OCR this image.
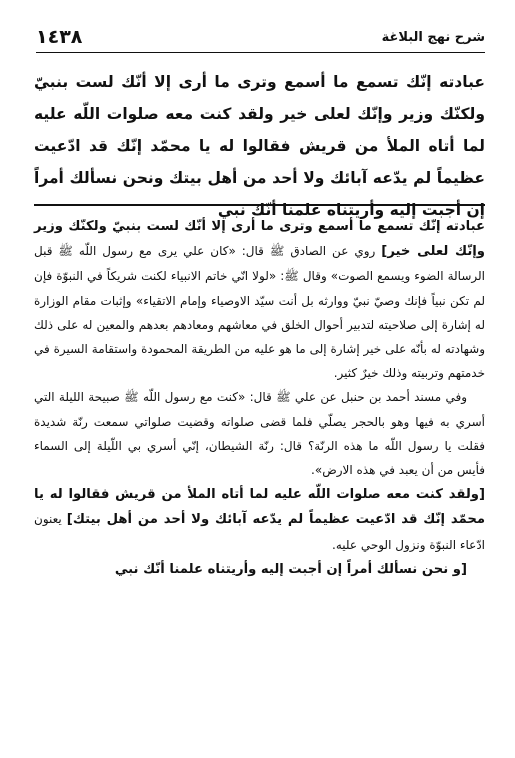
١٤٣٨	شرح نهج البلاغة

عبادته إنّك تسمع ما أسمع وترى ما أرى إلا أنّك لست بنبيّ ولكنّك وزير وإنّك لعلى خير ولقد كنت معه صلوات اللّه عليه لما أتاه الملأ من قريش فقالوا له يا محمّد إنّك قد ادّعيت عظيماً لم يدّعه آبائك ولا أحد من أهل بيتك ونحن نسألك أمراً إن أجبت إليه وأريتناه علمنا أنّك نبي

عبادته إنّك تسمع ما أسمع وترى ما أرى إلا أنّك لست بنبيّ ولكنّك وزير وإنّك لعلى خير] روي عن الصادق ﷺ قال: «كان علي يرى مع رسول اللّه ﷺ قبل الرسالة الضوء ويسمع الصوت» وقال ﷺ: «لولا انّي خاتم الانبياء لكنت شريكاً في النبوّة فإن لم تكن نبياً فإنك وصيّ نبيّ ووارثه بل أنت سيّد الاوصياء وإمام الاتقياء» وإثبات مقام الوزارة له إشارة إلى صلاحيته لتدبير أحوال الخلق في معاشهم ومعادهم بعدهم والمعين له على ذلك وشهادته له بأنّه على خير إشارة إلى ما هو عليه من الطريقة المحمودة واستقامة السيرة في خدمتهم وتربيته وذلك خيرٌ كثير.

وفي مسند أحمد بن حنبل عن علي ﷺ قال: «كنت مع رسول اللّه ﷺ صبيحة الليلة التي أسري به فيها وهو بالحجر يصلّي فلما قضى صلواته وقضيت صلواتي سمعت رنّة شديدة فقلت يا رسول اللّه ما هذه الرنّة؟ قال: رنّة الشيطان، إنّي أسري بي اللّيلة إلى السماء فأيس من أن يعبد في هذه الارض».

[ولقد كنت معه صلوات اللّه عليه لما أتاه الملأ من قريش فقالوا له يا محمّد إنّك قد ادّعيت عظيماً لم يدّعه آبائك ولا أحد من أهل بيتك] يعنون ادّعاء النبوّة ونزول الوحي عليه.

[و نحن نسألك أمراً إن أجبت إليه وأريتناه علمنا أنّك نبي
